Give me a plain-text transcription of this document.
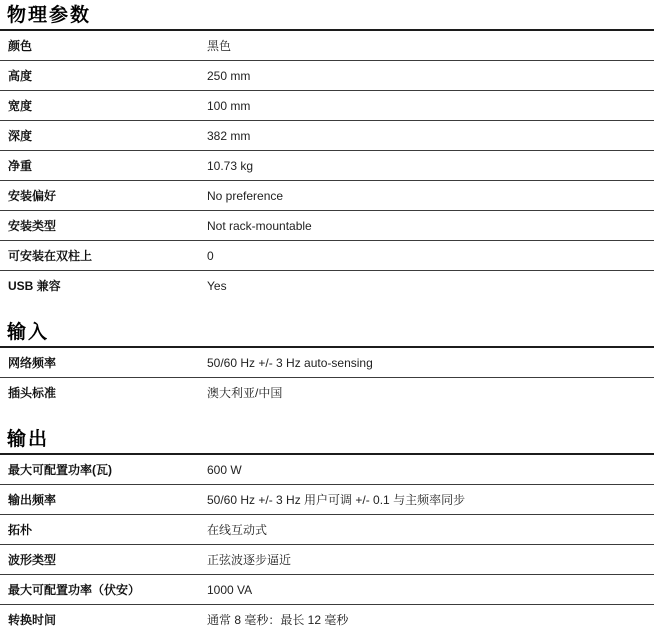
物理参数
颜色	黑色
高度	250 mm
宽度	100 mm
深度	382 mm
净重	10.73 kg
安装偏好	No preference
安装类型	Not rack-mountable
可安装在双柱上	0
USB 兼容	Yes
输入
网络频率	50/60 Hz +/- 3 Hz auto-sensing
插头标准	澳大利亚/中国
输出
最大可配置功率(瓦)	600 W
输出频率	50/60 Hz +/- 3 Hz 用户可调 +/- 0.1 与主频率同步
拓朴	在线互动式
波形类型	正弦波逐步逼近
最大可配置功率（伏安）	1000 VA
转换时间	通常 8 毫秒：最长 12 毫秒
